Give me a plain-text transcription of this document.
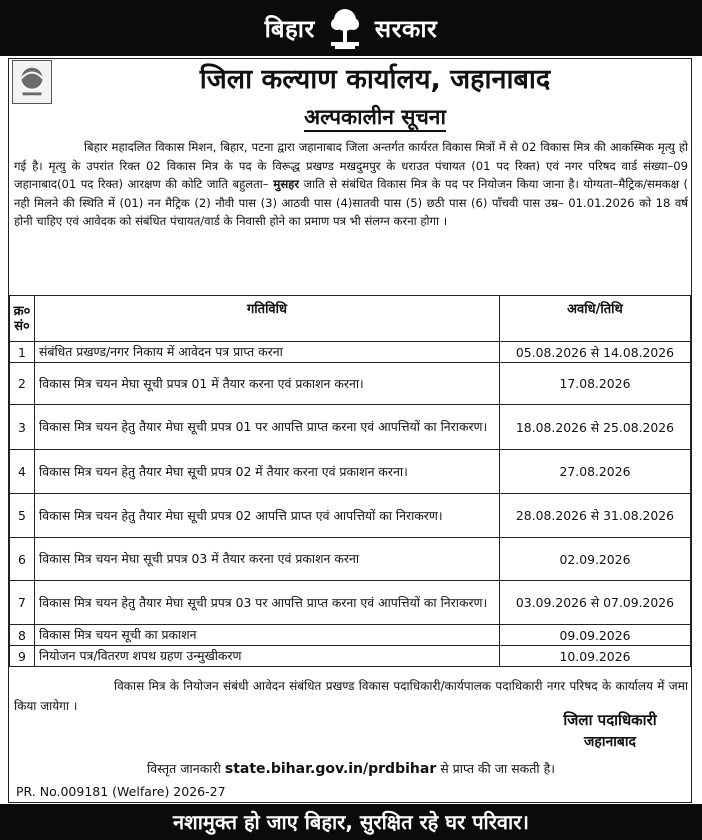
बिहार	सरकार
जिला कल्याण कार्यालय, जहानाबाद
अल्पकालीन सूचना
बिहार महादलित विकास मिशन, बिहार, पटना द्वारा जहानाबाद जिला अन्तर्गत कार्यरत विकास मित्रों में से 02 विकास मित्र की आकस्मिक मृत्यु हो गई है। मृत्यु के उपरांत रिक्त 02 विकास मित्र के पद के विरूद्ध प्रखण्ड मखदुमपुर के धराउत पंचायत (01 पद रिक्त) एवं नगर परिषद वार्ड संख्या–09 जहानाबाद(01 पद रिक्त) आरक्षण की कोटि जाति बहुलता– मुसहर जाति से संबंधित विकास मित्र के पद पर नियोजन किया जाना है। योग्यता–मैट्रिक/समकक्ष ( नही मिलने की स्थिति में (01) नन मैट्रिक (2) नौवी पास (3) आठवी पास (4)सातवी पास (5) छठी पास (6) पाँचवी पास उम्र– 01.01.2026 को 18 वर्ष होनी चाहिए एवं आवेदक को संबंधित पंचायत/वार्ड के निवासी होने का प्रमाण पत्र भी संलग्न करना होगा ।
क्र० सं०	गतिविधि	अवधि/तिथि
1	संबंधित प्रखण्ड/नगर निकाय में आवेदन पत्र प्राप्त करना	05.08.2026 से 14.08.2026
2	विकास मित्र चयन मेघा सूची प्रपत्र 01 में तैयार करना एवं प्रकाशन करना।	17.08.2026
3	विकास मित्र चयन हेतु तैयार मेघा सूची प्रपत्र 01 पर आपत्ति प्राप्त करना एवं आपत्तियों का निराकरण।	18.08.2026 से 25.08.2026
4	विकास मित्र चयन हेतु तैयार मेघा सूची प्रपत्र 02 में तैयार करना एवं प्रकाशन करना।	27.08.2026
5	विकास मित्र चयन हेतु तैयार मेघा सूची प्रपत्र 02 आपत्ति प्राप्त एवं आपत्तियों का निराकरण।	28.08.2026 से 31.08.2026
6	विकास मित्र चयन मेघा सूची प्रपत्र 03 में तैयार करना एवं प्रकाशन करना	02.09.2026
7	विकास मित्र चयन हेतु तैयार मेघा सूची प्रपत्र 03 पर आपत्ति प्राप्त करना एवं आपत्तियों का निराकरण।	03.09.2026 से 07.09.2026
8	विकास मित्र चयन सूची का प्रकाशन	09.09.2026
9	नियोजन पत्र/वितरण शपथ ग्रहण उन्मुखीकरण	10.09.2026
विकास मित्र के नियोजन संबंधी आवेदन संबंधित प्रखण्ड विकास पदाधिकारी/कार्यपालक पदाधिकारी नगर परिषद के कार्यालय में जमा किया जायेगा ।
जिला पदाधिकारी
जहानाबाद
विस्तृत जानकारी state.bihar.gov.in/prdbihar से प्राप्त की जा सकती है।
PR. No.009181 (Welfare) 2026-27
नशामुक्त हो जाए बिहार, सुरक्षित रहे घर परिवार।
